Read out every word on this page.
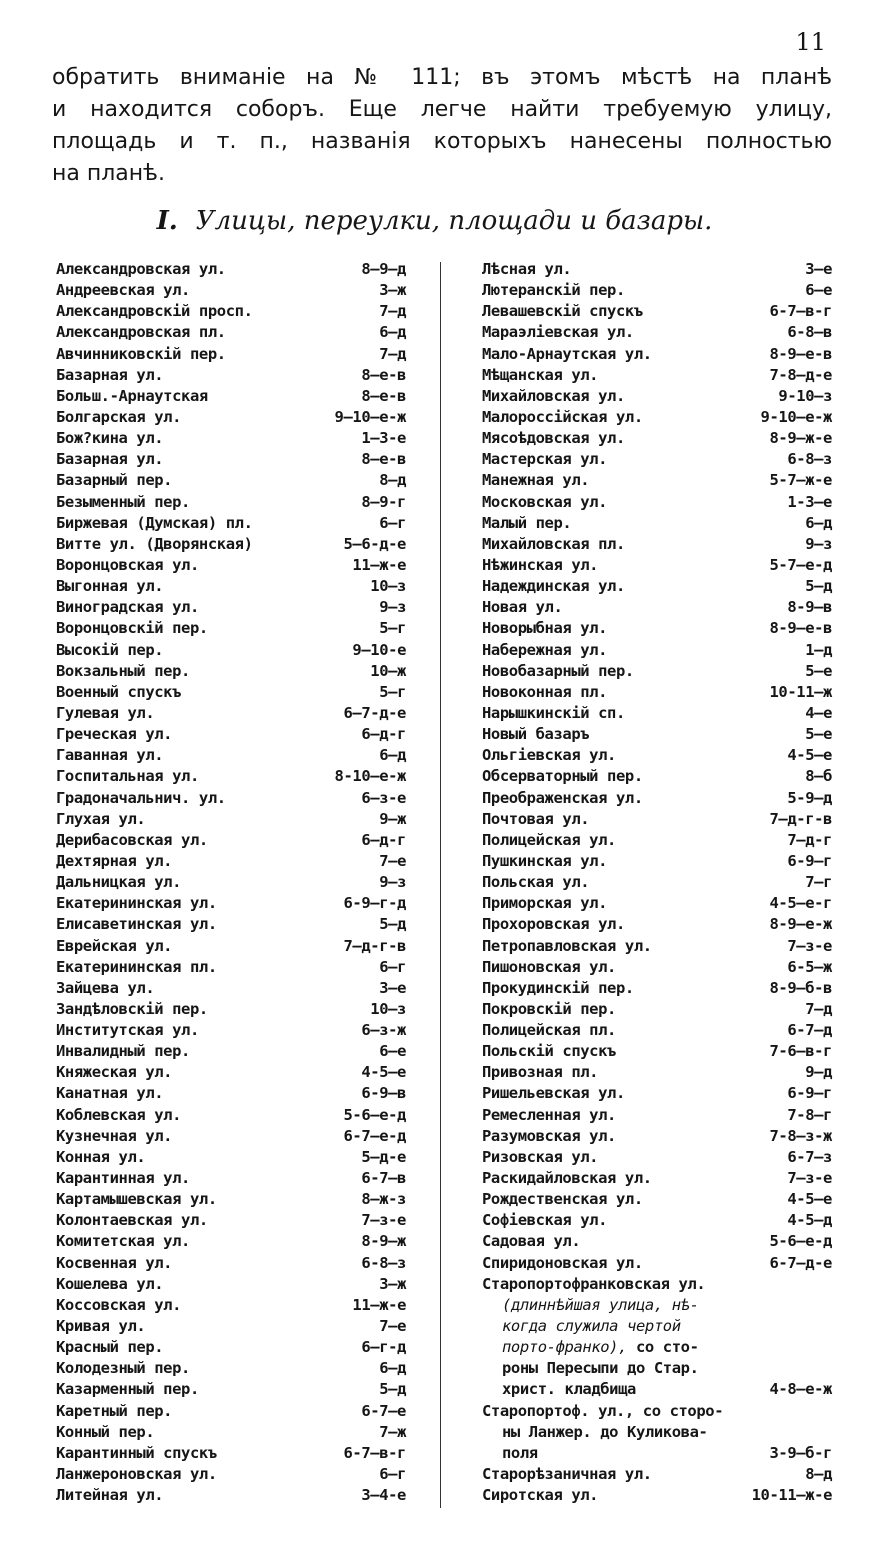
11
обратить вниманіе на № 111; въ этомъ мѣстѣ на планѣ
и находится соборъ. Еще легче найти требуемую улицу,
площадь и т. п., названія которыхъ нанесены полностью
на планѣ.
I. Улицы, переулки, площади и базары.
Александровская ул.	8—9—д
Андреевская ул.	3—ж
Александровскій просп.	7—д
Александровская пл.	6—д
Авчинниковскій пер.	7—д
Базарная ул.	8—е-в
Больш.-Арнаутская	8—е-в
Болгарская ул.	9—10—е-ж
Бож?кина ул.	1—3-е
Базарная ул.	8—е-в
Базарный пер.	8—д
Безыменный пер.	8—9-г
Биржевая (Думская) пл.	6—г
Витте ул. (Дворянская)	5—6-д-е
Воронцовская ул.	11—ж-е
Выгонная ул.	10—з
Виноградская ул.	9—з
Воронцовскій пер.	5—г
Высокій пер.	9—10-е
Вокзальный пер.	10—ж
Военный спускъ	5—г
Гулевая ул.	6—7-д-е
Греческая ул.	6—д-г
Гаванная ул.	6—д
Госпитальная ул.	8-10—е-ж
Градоначальнич. ул.	6—з-е
Глухая ул.	9—ж
Дерибасовская ул.	6—д-г
Дехтярная ул.	7—е
Дальницкая ул.	9—з
Екатерининская ул.	6-9—г-д
Елисаветинская ул.	5—д
Еврейская ул.	7—д-г-в
Екатерининская пл.	6—г
Зайцева ул.	3—е
Зандѣловскій пер.	10—з
Институтская ул.	6—з-ж
Инвалидный пер.	6—е
Княжеская ул.	4-5—е
Канатная ул.	6-9—в
Коблевская ул.	5-6—е-д
Кузнечная ул.	6-7—е-д
Конная ул.	5—д-е
Карантинная ул.	6-7—в
Картамышевская ул.	8—ж-з
Колонтаевская ул.	7—з-е
Комитетская ул.	8-9—ж
Косвенная ул.	6-8—з
Кошелева ул.	3—ж
Коссовская ул.	11—ж-е
Кривая ул.	7—е
Красный пер.	6—г-д
Колодезный пер.	6—д
Казарменный пер.	5—д
Каретный пер.	6-7—е
Конный пер.	7—ж
Карантинный спускъ	6-7—в-г
Ланжероновская ул.	6—г
Литейная ул.	3—4-е
Лѣсная ул.	3—е
Лютеранскій пер.	6—е
Левашевскій спускъ	6-7—в-г
Мараэліевская ул.	6-8—в
Мало-Арнаутская ул.	8-9—е-в
Мѣщанская ул.	7-8—д-е
Михайловская ул.	9-10—з
Малороссійская ул.	9-10—е-ж
Мясоѣдовская ул.	8-9—ж-е
Мастерская ул.	6-8—з
Манежная ул.	5-7—ж-е
Московская ул.	1-3—е
Малый пер.	6—д
Михайловская пл.	9—з
Нѣжинская ул.	5-7—е-д
Надеждинская ул.	5—д
Новая ул.	8-9—в
Новорыбная ул.	8-9—е-в
Набережная ул.	1—д
Новобазарный пер.	5—е
Новоконная пл.	10-11—ж
Нарышкинскій сп.	4—е
Новый базаръ	5—е
Ольгіевская ул.	4-5—е
Обсерваторный пер.	8—б
Преображенская ул.	5-9—д
Почтовая ул.	7—д-г-в
Полицейская ул.	7—д-г
Пушкинская ул.	6-9—г
Польская ул.	7—г
Приморская ул.	4-5—е-г
Прохоровская ул.	8-9—е-ж
Петропавловская ул.	7—з-е
Пишоновская ул.	6-5—ж
Прокудинскій пер.	8-9—б-в
Покровскій пер.	7—д
Полицейская пл.	6-7—д
Польскій спускъ	7-6—в-г
Привозная пл.	9—д
Ришельевская ул.	6-9—г
Ремесленная ул.	7-8—г
Разумовская ул.	7-8—з-ж
Ризовская ул.	6-7—з
Раскидайловская ул.	7—з-е
Рождественская ул.	4-5—е
Софіевская ул.	4-5—д
Садовая ул.	5-6—е-д
Спиридоновская ул.	6-7—д-е
Старопортофранковская ул.
(длиннѣйшая улица, нѣ-
когда служила чертой
порто-франко), со сто-
роны Пересыпи до Стар.
христ. кладбища	4-8—е-ж
Старопортоф. ул., со сторо-
ны Ланжер. до Куликова-
поля	3-9—б-г
Старорѣзаничная ул.	8—д
Сиротская ул.	10-11—ж-е
